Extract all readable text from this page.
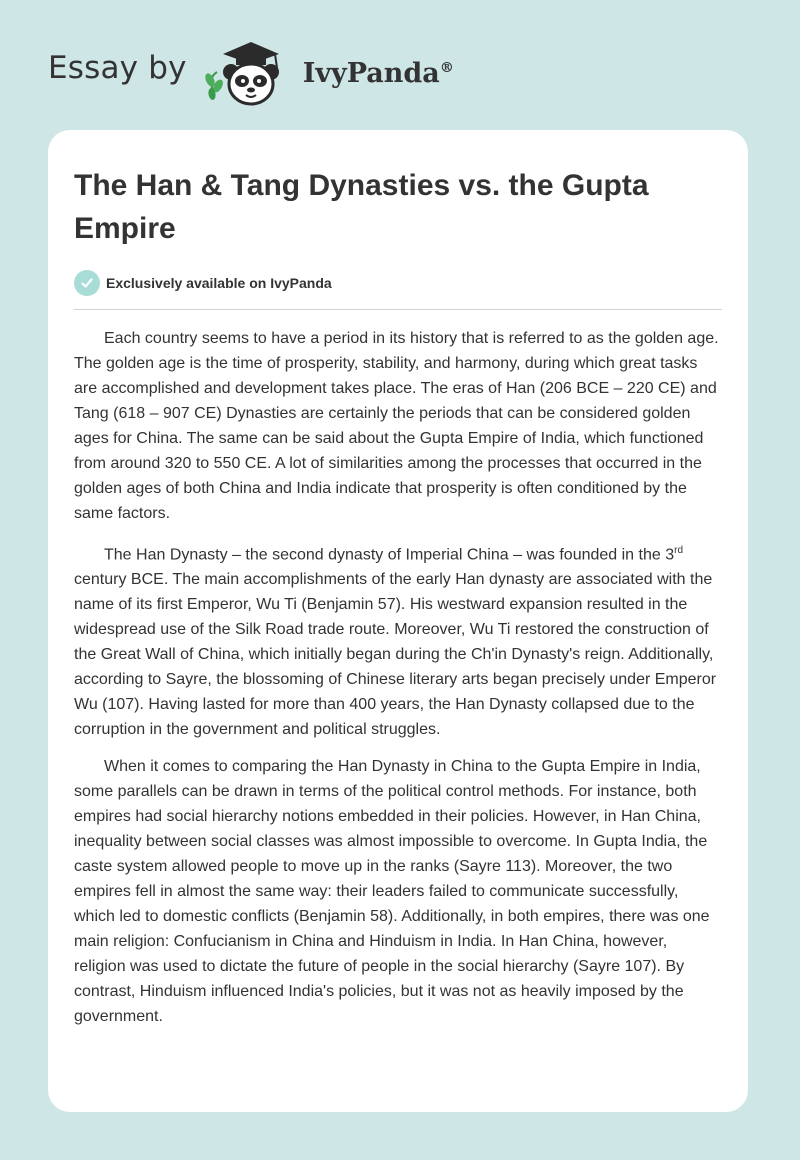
Essay by	IvyPanda®
The Han & Tang Dynasties vs. the Gupta Empire
Exclusively available on IvyPanda

Each country seems to have a period in its history that is referred to as the golden age. The golden age is the time of prosperity, stability, and harmony, during which great tasks are accomplished and development takes place. The eras of Han (206 BCE – 220 CE) and Tang (618 – 907 CE) Dynasties are certainly the periods that can be considered golden ages for China. The same can be said about the Gupta Empire of India, which functioned from around 320 to 550 CE. A lot of similarities among the processes that occurred in the golden ages of both China and India indicate that prosperity is often conditioned by the same factors.

The Han Dynasty – the second dynasty of Imperial China – was founded in the 3rd century BCE. The main accomplishments of the early Han dynasty are associated with the name of its first Emperor, Wu Ti (Benjamin 57). His westward expansion resulted in the widespread use of the Silk Road trade route. Moreover, Wu Ti restored the construction of the Great Wall of China, which initially began during the Ch'in Dynasty's reign. Additionally, according to Sayre, the blossoming of Chinese literary arts began precisely under Emperor Wu (107). Having lasted for more than 400 years, the Han Dynasty collapsed due to the corruption in the government and political struggles.

When it comes to comparing the Han Dynasty in China to the Gupta Empire in India, some parallels can be drawn in terms of the political control methods. For instance, both empires had social hierarchy notions embedded in their policies. However, in Han China, inequality between social classes was almost impossible to overcome. In Gupta India, the caste system allowed people to move up in the ranks (Sayre 113). Moreover, the two empires fell in almost the same way: their leaders failed to communicate successfully, which led to domestic conflicts (Benjamin 58). Additionally, in both empires, there was one main religion: Confucianism in China and Hinduism in India. In Han China, however, religion was used to dictate the future of people in the social hierarchy (Sayre 107). By contrast, Hinduism influenced India's policies, but it was not as heavily imposed by the government.
